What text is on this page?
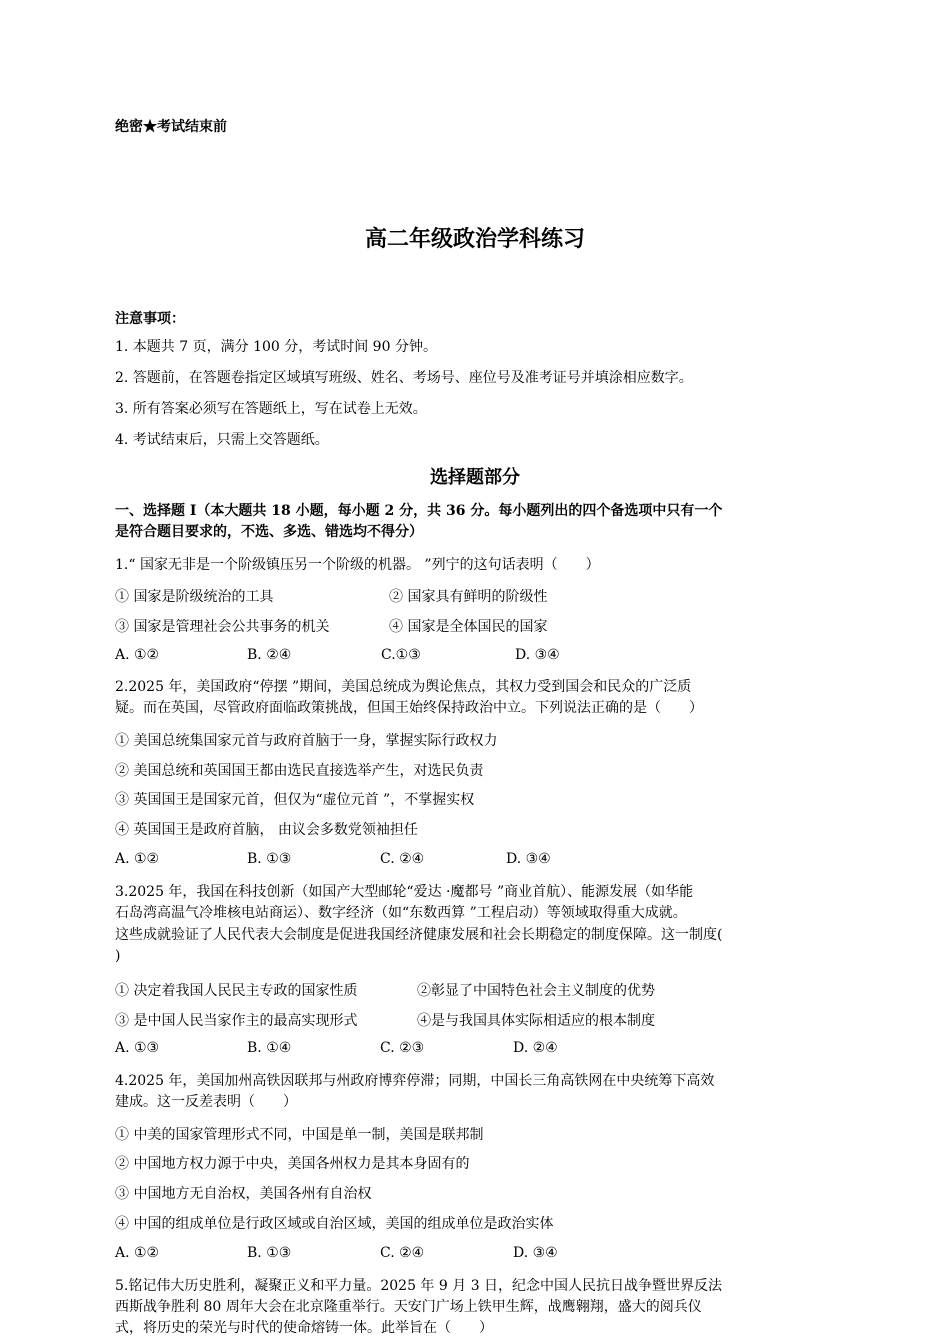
绝密★考试结束前
高二年级政治学科练习
注意事项：
1. 本题共 7 页，满分 100 分，考试时间 90 分钟。
2. 答题前，在答题卷指定区域填写班级、姓名、考场号、座位号及准考证号并填涂相应数字。
3. 所有答案必须写在答题纸上，写在试卷上无效。
4. 考试结束后，只需上交答题纸。
选择题部分
一、选择题 Ⅰ（本大题共 18 小题，每小题 2 分，共 36 分。每小题列出的四个备选项中只有一个
是符合题目要求的，不选、多选、错选均不得分）
1.“ 国家无非是一个阶级镇压另一个阶级的机器。 ”列宁的这句话表明（　　）
① 国家是阶级统治的工具	② 国家具有鲜明的阶级性
③ 国家是管理社会公共事务的机关	④ 国家是全体国民的国家
A. ①②	B. ②④	C.①③	D. ③④
2.2025 年，美国政府“停摆 ”期间，美国总统成为舆论焦点，其权力受到国会和民众的广泛质
疑。而在英国，尽管政府面临政策挑战，但国王始终保持政治中立。下列说法正确的是（　　）
① 美国总统集国家元首与政府首脑于一身，掌握实际行政权力
② 美国总统和英国国王都由选民直接选举产生，对选民负责
③ 英国国王是国家元首，但仅为“虚位元首 ”，不掌握实权
④ 英国国王是政府首脑， 由议会多数党领袖担任
A. ①②	B. ①③	C. ②④	D. ③④
3.2025 年，我国在科技创新（如国产大型邮轮“爱达 ·魔都号 ”商业首航）、能源发展（如华能
石岛湾高温气冷堆核电站商运）、数字经济（如“东数西算 ”工程启动）等领域取得重大成就。
这些成就验证了人民代表大会制度是促进我国经济健康发展和社会长期稳定的制度保障。这一制度(
)
① 决定着我国人民民主专政的国家性质	②彰显了中国特色社会主义制度的优势
③ 是中国人民当家作主的最高实现形式	④是与我国具体实际相适应的根本制度
A. ①③	B. ①④	C. ②③	D. ②④
4.2025 年，美国加州高铁因联邦与州政府博弈停滞；同期，中国长三角高铁网在中央统筹下高效
建成。这一反差表明（　　）
① 中美的国家管理形式不同，中国是单一制，美国是联邦制
② 中国地方权力源于中央，美国各州权力是其本身固有的
③ 中国地方无自治权，美国各州有自治权
④ 中国的组成单位是行政区域或自治区域，美国的组成单位是政治实体
A. ①②	B. ①③	C. ②④	D. ③④
5.铭记伟大历史胜利，凝聚正义和平力量。2025 年 9 月 3 日，纪念中国人民抗日战争暨世界反法
西斯战争胜利 80 周年大会在北京隆重举行。天安门广场上铁甲生辉，战鹰翱翔，盛大的阅兵仪
式，将历史的荣光与时代的使命熔铸一体。此举旨在（　　）
